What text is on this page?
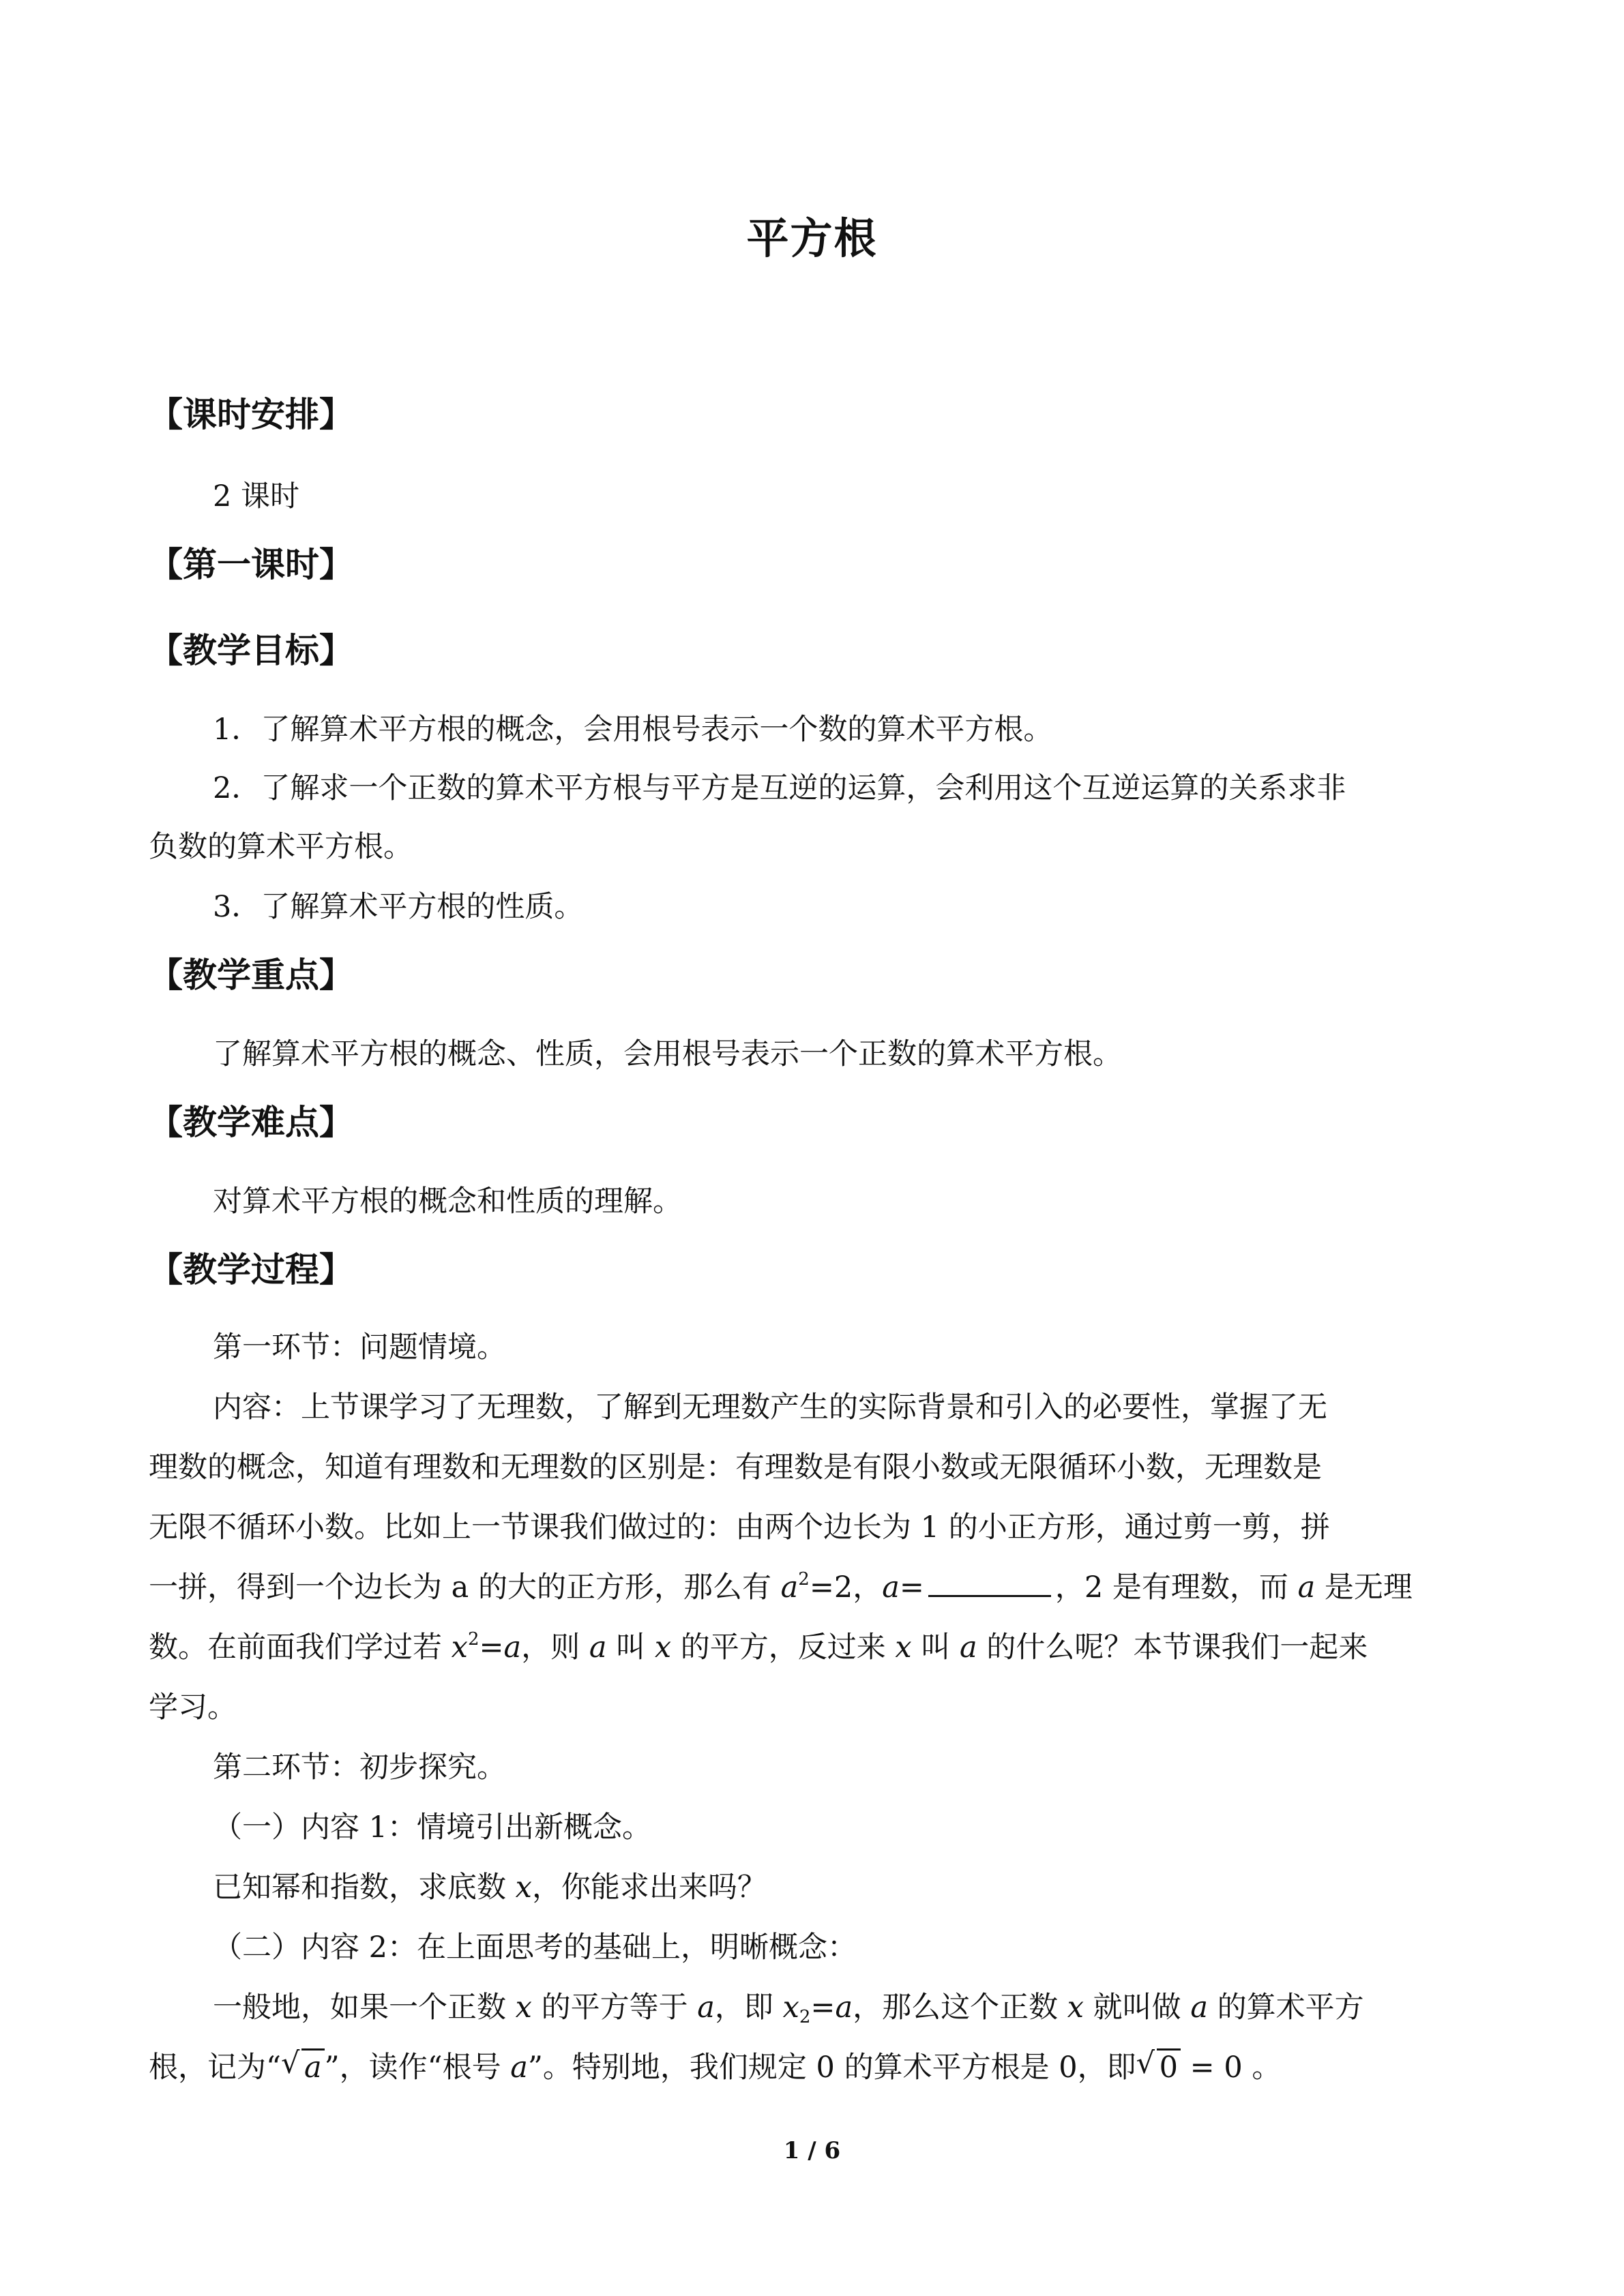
平方根
【课时安排】
2 课时
【第一课时】
【教学目标】
1．了解算术平方根的概念，会用根号表示一个数的算术平方根。
2．了解求一个正数的算术平方根与平方是互逆的运算，会利用这个互逆运算的关系求非
负数的算术平方根。
3．了解算术平方根的性质。
【教学重点】
了解算术平方根的概念、性质，会用根号表示一个正数的算术平方根。
【教学难点】
对算术平方根的概念和性质的理解。
【教学过程】
第一环节：问题情境。
内容：上节课学习了无理数，了解到无理数产生的实际背景和引入的必要性，掌握了无
理数的概念，知道有理数和无理数的区别是：有理数是有限小数或无限循环小数，无理数是
无限不循环小数。比如上一节课我们做过的：由两个边长为 1 的小正方形，通过剪一剪，拼
一拼，得到一个边长为 a 的大的正方形，那么有 $a^2=2$，a=	，2 是有理数，而 a 是无理
数。在前面我们学过若 $x^2=a$，则 a 叫 x 的平方，反过来 x 叫 a 的什么呢？本节课我们一起来
学习。
第二环节：初步探究。
（一）内容 1：情境引出新概念。
已知幂和指数，求底数 x，你能求出来吗？
（二）内容 2：在上面思考的基础上，明晰概念：
一般地，如果一个正数 x 的平方等于 a，即 $x_2=a$，那么这个正数 x 就叫做 a 的算术平方
根，记为“ √ a”，读作“根号 a”。特别地，我们规定 0 的算术平方根是 0，即 √ 0 = 0 。
1 / 6
